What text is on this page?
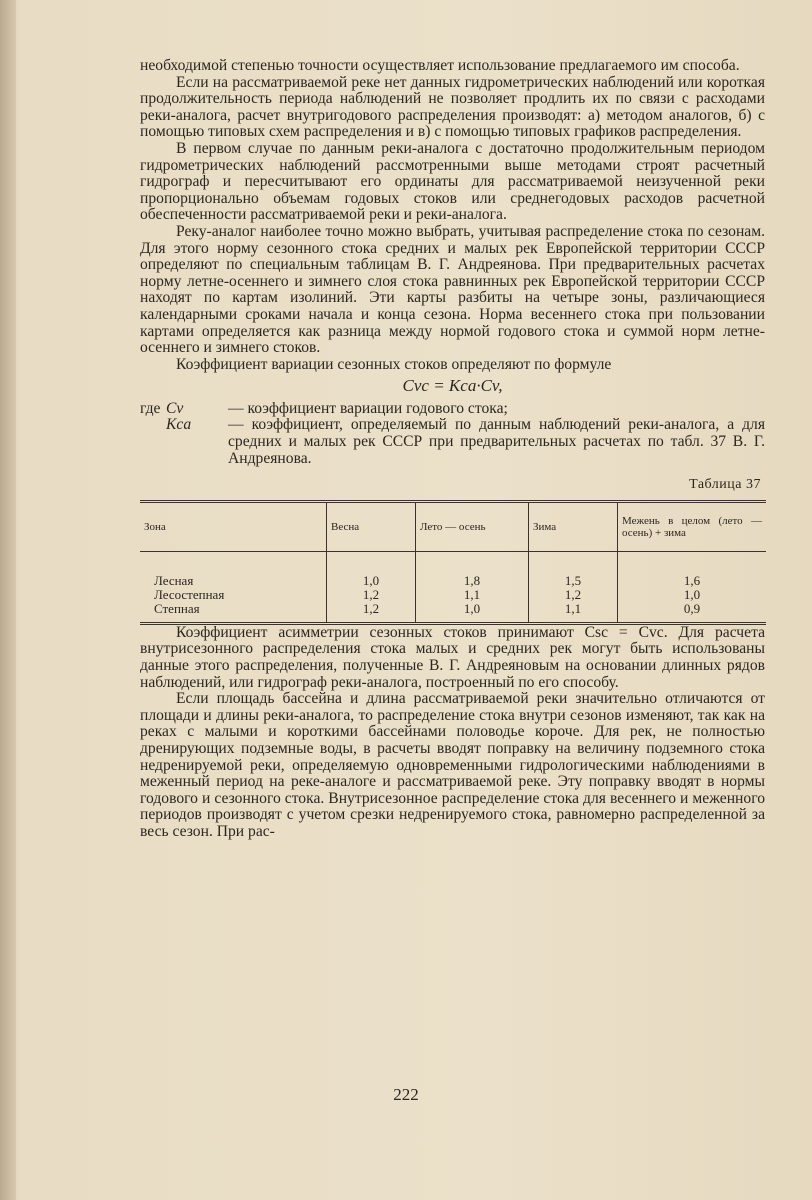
необходимой степенью точности осуществляет использование предлагаемого им способа.

Если на рассматриваемой реке нет данных гидрометрических наблюдений или короткая продолжительность периода наблюдений не позволяет продлить их по связи с расходами реки-аналога, расчет внутригодового распределения производят: а) методом аналогов, б) с помощью типовых схем распределения и в) с помощью типовых графиков распределения.

В первом случае по данным реки-аналога с достаточно продолжительным периодом гидрометрических наблюдений рассмотренными выше методами строят расчетный гидрограф и пересчитывают его ординаты для рассматриваемой неизученной реки пропорционально объемам годовых стоков или среднегодовых расходов расчетной обеспеченности рассматриваемой реки и реки-аналога.

Реку-аналог наиболее точно можно выбрать, учитывая распределение стока по сезонам. Для этого норму сезонного стока средних и малых рек Европейской территории СССР определяют по специальным таблицам В. Г. Андреянова. При предварительных расчетах норму летне-осеннего и зимнего слоя стока равнинных рек Европейской территории СССР находят по картам изолиний. Эти карты разбиты на четыре зоны, различающиеся календарными сроками начала и конца сезона. Норма весеннего стока при пользовании картами определяется как разница между нормой годового стока и суммой норм летне-осеннего и зимнего стоков.

Коэффициент вариации сезонных стоков определяют по формуле

Cvc = Kca·Cv,
где Cv	— коэффициент вариации годового стока;
Kca	— коэффициент, определяемый по данным наблюдений реки-аналога, а для средних и малых рек СССР при предварительных расчетах по табл. 37 В. Г. Андреянова.
Таблица 37
Зона	Весна	Лето — осень	Зима	Межень в целом (лето — осень) + зима
Лесная	1,0	1,8	1,5	1,6
Лесостепная	1,2	1,1	1,2	1,0
Степная	1,2	1,0	1,1	0,9

Коэффициент асимметрии сезонных стоков принимают Csc = Cvc. Для расчета внутрисезонного распределения стока малых и средних рек могут быть использованы данные этого распределения, полученные В. Г. Андреяновым на основании длинных рядов наблюдений, или гидрограф реки-аналога, построенный по его способу.

Если площадь бассейна и длина рассматриваемой реки значительно отличаются от площади и длины реки-аналога, то распределение стока внутри сезонов изменяют, так как на реках с малыми и короткими бассейнами половодье короче. Для рек, не полностью дренирующих подземные воды, в расчеты вводят поправку на величину подземного стока недренируемой реки, определяемую одновременными гидрологическими наблюдениями в меженный период на реке-аналоге и рассматриваемой реке. Эту поправку вводят в нормы годового и сезонного стока. Внутрисезонное распределение стока для весеннего и меженного периодов производят с учетом срезки недренируемого стока, равномерно распределенной за весь сезон. При рас-

222
